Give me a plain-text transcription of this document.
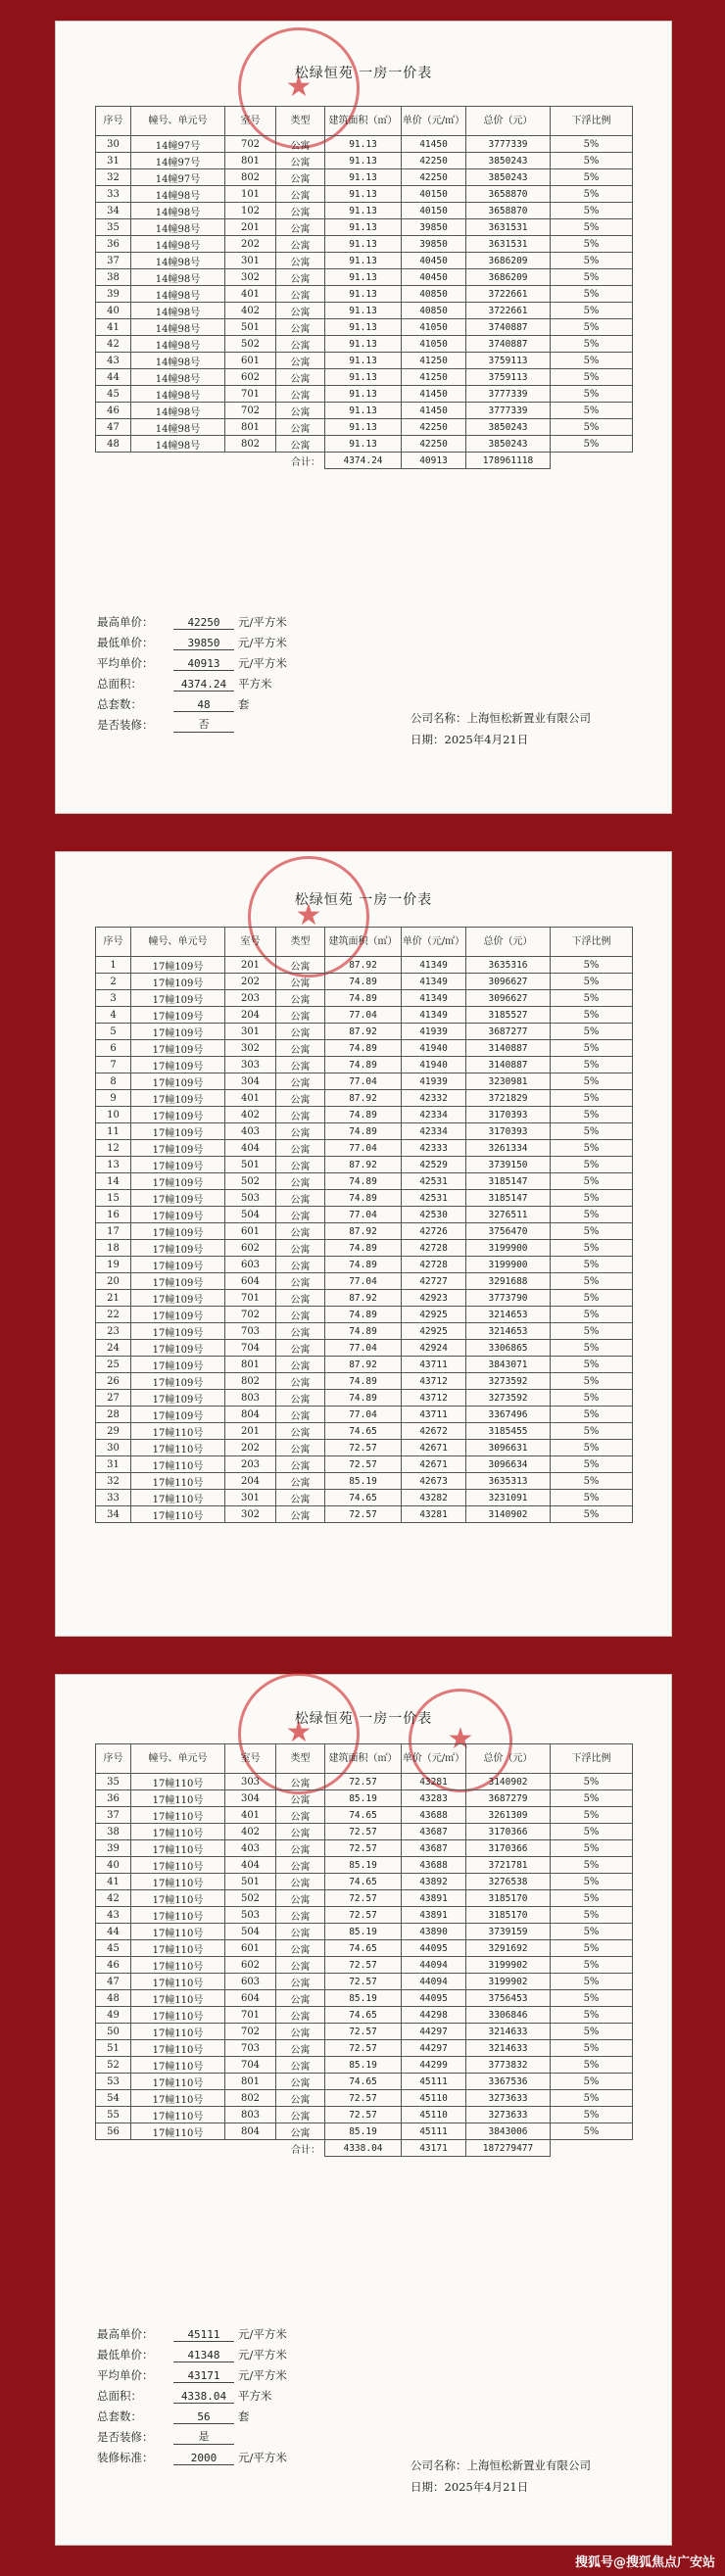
★
松绿恒苑 一房一价表
序号	幢号、单元号	室号	类型	建筑面积（㎡）	单价（元/㎡）	总价（元）	下浮比例
30	14幢97号	702	公寓	91.13	41450	3777339	5%
31	14幢97号	801	公寓	91.13	42250	3850243	5%
32	14幢97号	802	公寓	91.13	42250	3850243	5%
33	14幢98号	101	公寓	91.13	40150	3658870	5%
34	14幢98号	102	公寓	91.13	40150	3658870	5%
35	14幢98号	201	公寓	91.13	39850	3631531	5%
36	14幢98号	202	公寓	91.13	39850	3631531	5%
37	14幢98号	301	公寓	91.13	40450	3686209	5%
38	14幢98号	302	公寓	91.13	40450	3686209	5%
39	14幢98号	401	公寓	91.13	40850	3722661	5%
40	14幢98号	402	公寓	91.13	40850	3722661	5%
41	14幢98号	501	公寓	91.13	41050	3740887	5%
42	14幢98号	502	公寓	91.13	41050	3740887	5%
43	14幢98号	601	公寓	91.13	41250	3759113	5%
44	14幢98号	602	公寓	91.13	41250	3759113	5%
45	14幢98号	701	公寓	91.13	41450	3777339	5%
46	14幢98号	702	公寓	91.13	41450	3777339	5%
47	14幢98号	801	公寓	91.13	42250	3850243	5%
48	14幢98号	802	公寓	91.13	42250	3850243	5%
合计：				4374.24	40913	178961118	
最高单价：	42250	元/平方米
最低单价：	39850	元/平方米
平均单价：	40913	元/平方米
总面积：	4374.24	平方米
总套数：	48	套
是否装修：	否	公司名称：上海恒松新置业有限公司
日期：2025年4月21日
★
松绿恒苑 一房一价表
序号	幢号、单元号	室号	类型	建筑面积（㎡）	单价（元/㎡）	总价（元）	下浮比例
1	17幢109号	201	公寓	87.92	41349	3635316	5%
2	17幢109号	202	公寓	74.89	41349	3096627	5%
3	17幢109号	203	公寓	74.89	41349	3096627	5%
4	17幢109号	204	公寓	77.04	41349	3185527	5%
5	17幢109号	301	公寓	87.92	41939	3687277	5%
6	17幢109号	302	公寓	74.89	41940	3140887	5%
7	17幢109号	303	公寓	74.89	41940	3140887	5%
8	17幢109号	304	公寓	77.04	41939	3230981	5%
9	17幢109号	401	公寓	87.92	42332	3721829	5%
10	17幢109号	402	公寓	74.89	42334	3170393	5%
11	17幢109号	403	公寓	74.89	42334	3170393	5%
12	17幢109号	404	公寓	77.04	42333	3261334	5%
13	17幢109号	501	公寓	87.92	42529	3739150	5%
14	17幢109号	502	公寓	74.89	42531	3185147	5%
15	17幢109号	503	公寓	74.89	42531	3185147	5%
16	17幢109号	504	公寓	77.04	42530	3276511	5%
17	17幢109号	601	公寓	87.92	42726	3756470	5%
18	17幢109号	602	公寓	74.89	42728	3199900	5%
19	17幢109号	603	公寓	74.89	42728	3199900	5%
20	17幢109号	604	公寓	77.04	42727	3291688	5%
21	17幢109号	701	公寓	87.92	42923	3773790	5%
22	17幢109号	702	公寓	74.89	42925	3214653	5%
23	17幢109号	703	公寓	74.89	42925	3214653	5%
24	17幢109号	704	公寓	77.04	42924	3306865	5%
25	17幢109号	801	公寓	87.92	43711	3843071	5%
26	17幢109号	802	公寓	74.89	43712	3273592	5%
27	17幢109号	803	公寓	74.89	43712	3273592	5%
28	17幢109号	804	公寓	77.04	43711	3367496	5%
29	17幢110号	201	公寓	74.65	42672	3185455	5%
30	17幢110号	202	公寓	72.57	42671	3096631	5%
31	17幢110号	203	公寓	72.57	42671	3096634	5%
32	17幢110号	204	公寓	85.19	42673	3635313	5%
33	17幢110号	301	公寓	74.65	43282	3231091	5%
34	17幢110号	302	公寓	72.57	43281	3140902	5%
★
★
松绿恒苑 一房一价表
序号	幢号、单元号	室号	类型	建筑面积（㎡）	单价（元/㎡）	总价（元）	下浮比例
35	17幢110号	303	公寓	72.57	43281	3140902	5%
36	17幢110号	304	公寓	85.19	43283	3687279	5%
37	17幢110号	401	公寓	74.65	43688	3261309	5%
38	17幢110号	402	公寓	72.57	43687	3170366	5%
39	17幢110号	403	公寓	72.57	43687	3170366	5%
40	17幢110号	404	公寓	85.19	43688	3721781	5%
41	17幢110号	501	公寓	74.65	43892	3276538	5%
42	17幢110号	502	公寓	72.57	43891	3185170	5%
43	17幢110号	503	公寓	72.57	43891	3185170	5%
44	17幢110号	504	公寓	85.19	43890	3739159	5%
45	17幢110号	601	公寓	74.65	44095	3291692	5%
46	17幢110号	602	公寓	72.57	44094	3199902	5%
47	17幢110号	603	公寓	72.57	44094	3199902	5%
48	17幢110号	604	公寓	85.19	44095	3756453	5%
49	17幢110号	701	公寓	74.65	44298	3306846	5%
50	17幢110号	702	公寓	72.57	44297	3214633	5%
51	17幢110号	703	公寓	72.57	44297	3214633	5%
52	17幢110号	704	公寓	85.19	44299	3773832	5%
53	17幢110号	801	公寓	74.65	45111	3367536	5%
54	17幢110号	802	公寓	72.57	45110	3273633	5%
55	17幢110号	803	公寓	72.57	45110	3273633	5%
56	17幢110号	804	公寓	85.19	45111	3843006	5%
合计：				4338.04	43171	187279477	
最高单价：	45111	元/平方米
最低单价：	41348	元/平方米
平均单价：	43171	元/平方米
总面积：	4338.04	平方米
总套数：	56	套
是否装修：	是
装修标准：	2000	元/平方米
公司名称：上海恒松新置业有限公司
日期：2025年4月21日
搜狐号@搜狐焦点广安站
